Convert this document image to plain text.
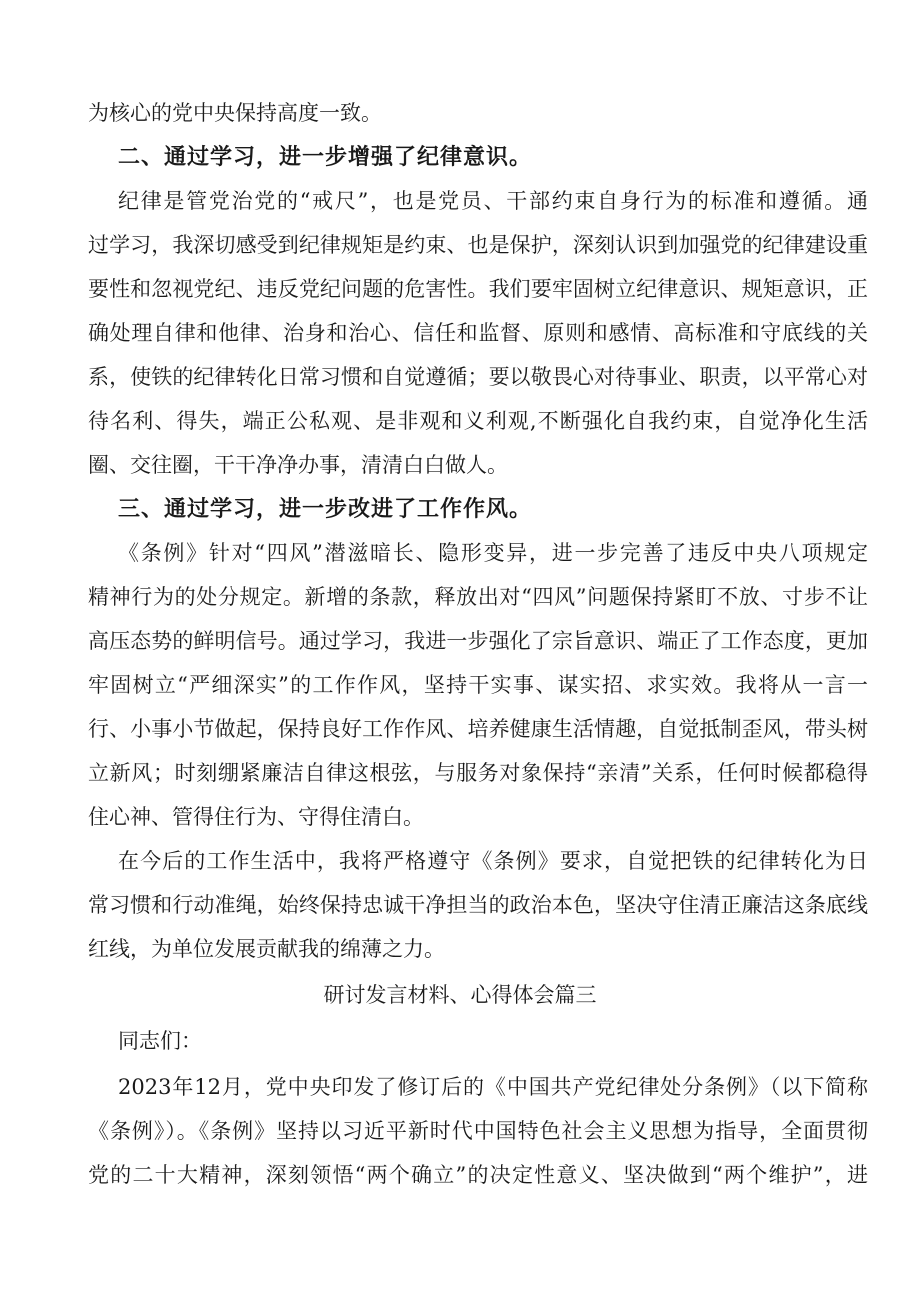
为核心的党中央保持高度一致。
二、通过学习，进一步增强了纪律意识。
纪律是管党治党的“戒尺”，也是党员、干部约束自身行为的标准和遵循。通
过学习，我深切感受到纪律规矩是约束、也是保护，深刻认识到加强党的纪律建设重
要性和忽视党纪、违反党纪问题的危害性。我们要牢固树立纪律意识、规矩意识，正
确处理自律和他律、治身和治心、信任和监督、原则和感情、高标准和守底线的关
系，使铁的纪律转化日常习惯和自觉遵循；要以敬畏心对待事业、职责，以平常心对
待名利、得失，端正公私观、是非观和义利观,不断强化自我约束，自觉净化生活
圈、交往圈，干干净净办事，清清白白做人。
三、通过学习，进一步改进了工作作风。
《条例》针对“四风”潜滋暗长、隐形变异，进一步完善了违反中央八项规定
精神行为的处分规定。新增的条款，释放出对“四风”问题保持紧盯不放、寸步不让
高压态势的鲜明信号。通过学习，我进一步强化了宗旨意识、端正了工作态度，更加
牢固树立“严细深实”的工作作风，坚持干实事、谋实招、求实效。我将从一言一
行、小事小节做起，保持良好工作作风、培养健康生活情趣，自觉抵制歪风，带头树
立新风；时刻绷紧廉洁自律这根弦，与服务对象保持“亲清”关系，任何时候都稳得
住心神、管得住行为、守得住清白。
在今后的工作生活中，我将严格遵守《条例》要求，自觉把铁的纪律转化为日
常习惯和行动准绳，始终保持忠诚干净担当的政治本色，坚决守住清正廉洁这条底线
红线，为单位发展贡献我的绵薄之力。
研讨发言材料、心得体会篇三
同志们：
2023年12月，党中央印发了修订后的《中国共产党纪律处分条例》（以下简称
《条例》）。《条例》坚持以习近平新时代中国特色社会主义思想为指导，全面贯彻
党的二十大精神，深刻领悟“两个确立”的决定性意义、坚决做到“两个维护”，进
